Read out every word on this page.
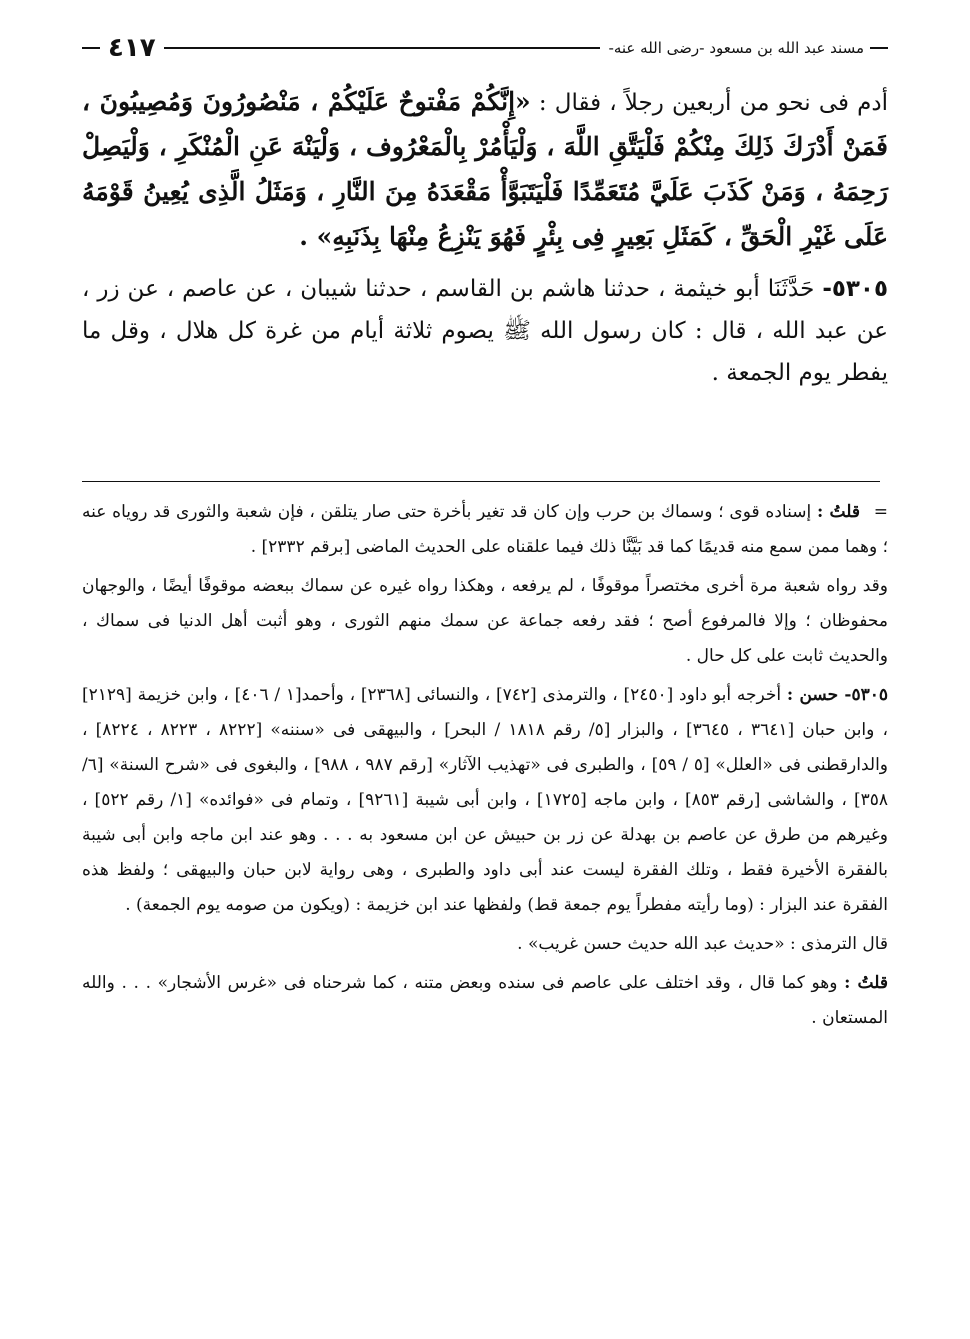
مسند عبد الله بن مسعود -رضى الله عنه-
٤١٧

أدم فى نحو من أربعين رجلاً ، فقال : «إِنَّكُمْ مَفْتوحٌ عَلَيْكُمْ ، مَنْصُورُونَ وَمُصِيبُونَ ، فَمَنْ أَدْرَكَ ذَلِكَ مِنْكُمْ فَلْيَتَّقِ اللَّهَ ، وَلْيَأْمُرْ بِالْمَعْرُوف ، وَلْيَنْهَ عَنِ الْمُنْكَرِ ، وَلْيَصِلْ رَحِمَهُ ، وَمَنْ كَذَبَ عَلَيَّ مُتَعَمِّدًا فَلْيَتَبَوَّأْ مَقْعَدَهُ مِنَ النَّارِ ، وَمَثَلُ الَّذِى يُعِينُ قَوْمَهُ عَلَى غَيْرِ الْحَقِّ ، كَمَثَلِ بَعِيرٍ فِى بِئْرٍ فَهُوَ يَنْزِعُ مِنْهَا بِذَنَبِهِ» .

٥٣٠٥- حَدَّثَنَا أبو خيثمة ، حدثنا هاشم بن القاسم ، حدثنا شيبان ، عن عاصم ، عن زر ، عن عبد الله ، قال : كان رسول الله ﷺ يصوم ثلاثة أيام من غرة كل هلال ، وقل ما يفطر يوم الجمعة .

= قلتُ : إسناده قوى ؛ وسماك بن حرب وإن كان قد تغير بأخرة حتى صار يتلقن ، فإن شعبة والثورى قد روياه عنه ؛ وهما ممن سمع منه قديمًا كما قد بَيَّنَّا ذلك فيما علقناه على الحديث الماضى [برقم ٢٣٣٢] .

وقد رواه شعبة مرة أخرى مختصراً موقوفًا ، لم يرفعه ، وهكذا رواه غيره عن سماك ببعضه موقوفًا أيضًا ، والوجهان محفوظان ؛ وإلا فالمرفوع أصح ؛ فقد رفعه جماعة عن سمك منهم الثورى ، وهو أثبت أهل الدنيا فى سماك ، والحديث ثابت على كل حال .

٥٣٠٥- حسن : أخرجه أبو داود [٢٤٥٠] ، والترمذى [٧٤٢] ، والنسائى [٢٣٦٨] ، وأحمد[١ / ٤٠٦] ، وابن خزيمة [٢١٢٩] ، وابن حبان [٣٦٤١ ، ٣٦٤٥] ، والبزار [٥/ رقم ١٨١٨ / البحر] ، والبيهقى فى «سننه» [٨٢٢٢ ، ٨٢٢٣ ، ٨٢٢٤] ، والدارقطنى فى «العلل» [٥ / ٥٩] ، والطبرى فى «تهذيب الآثار» [رقم ٩٨٧ ، ٩٨٨] ، والبغوى فى «شرح السنة» [٦/ ٣٥٨] ، والشاشى [رقم ٨٥٣] ، وابن ماجه [١٧٢٥] ، وابن أبى شيبة [٩٢٦١] ، وتمام فى «فوائده» [١/ رقم ٥٢٢] ، وغيرهم من طرق عن عاصم بن بهدلة عن زر بن حبيش عن ابن مسعود به . . . وهو عند ابن ماجه وابن أبى شيبة بالفقرة الأخيرة فقط ، وتلك الفقرة ليست عند أبى داود والطبرى ، وهى رواية لابن حبان والبيهقى ؛ ولفظ هذه الفقرة عند البزار : (وما رأيته مفطراً يوم جمعة قط) ولفظها عند ابن خزيمة : (ويكون من صومه يوم الجمعة) .

قال الترمذى : «حديث عبد الله حديث حسن غريب» .

قلتُ : وهو كما قال ، وقد اختلف على عاصم فى سنده وبعض متنه ، كما شرحناه فى «غرس الأشجار» . . . والله المستعان .
